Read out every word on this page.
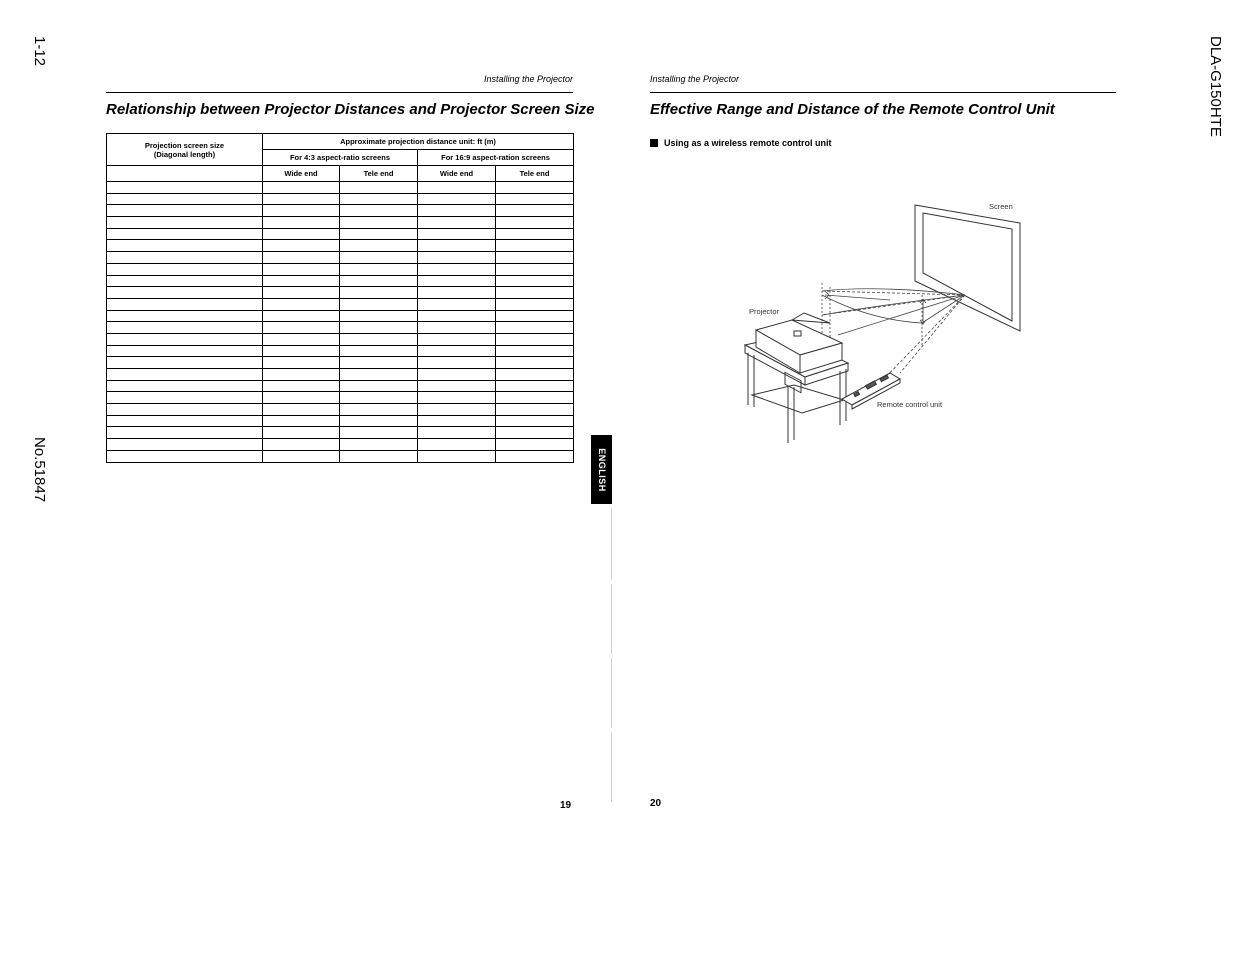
1-12
No.51847
DLA-G150HTE
Installing the Projector
Relationship between Projector Distances and Projector Screen Size
Projection screen size
(Diagonal length)	Approximate projection distance unit: ft (m)			
	For 4:3 aspect-ratio screens		For 16:9 aspect-ration screens	
	Wide end	Tele end	Wide end	Tele end

19
ENGLISH
Installing the Projector
Effective Range and Distance of the Remote Control Unit
Using as a wireless remote control unit
Screen
Projector
Remote control unit
20
